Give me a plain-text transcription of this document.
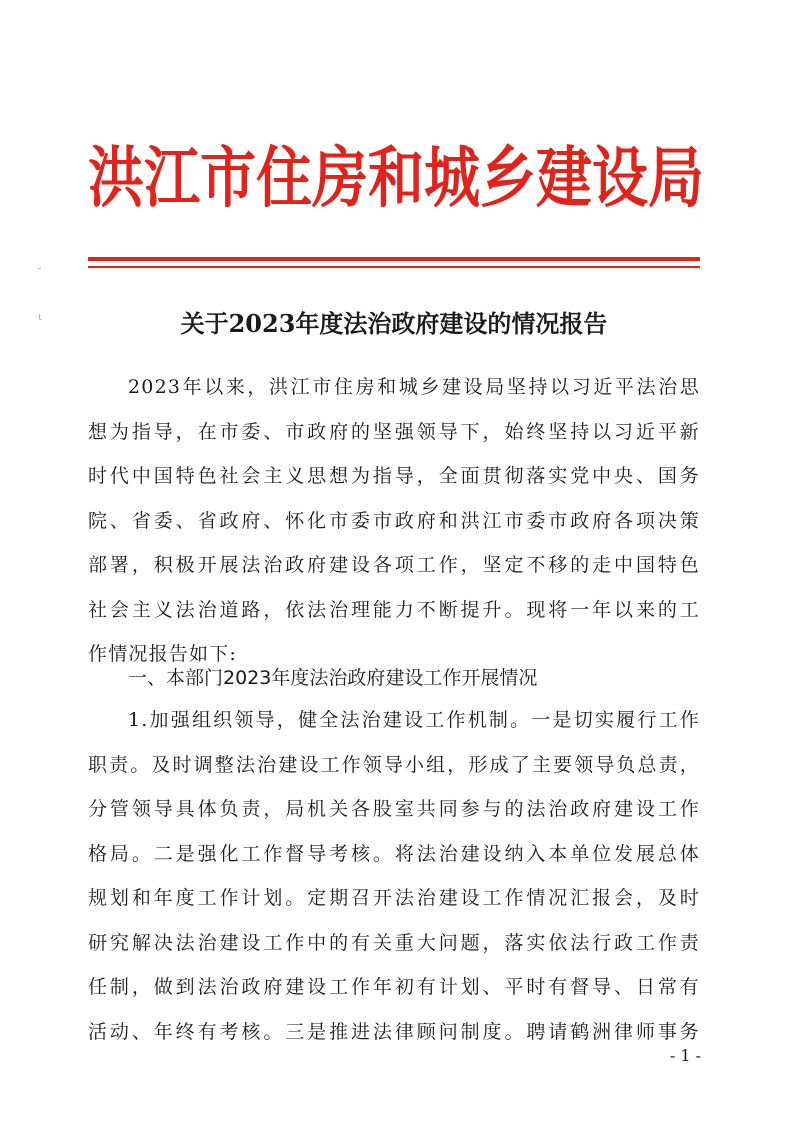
洪江市住房和城乡建设局
˘
ι	关于2023年度法治政府建设的情况报告
2023年以来，洪江市住房和城乡建设局坚持以习近平法治思
想为指导，在市委、市政府的坚强领导下，始终坚持以习近平新
时代中国特色社会主义思想为指导，全面贯彻落实党中央、国务
院、省委、省政府、怀化市委市政府和洪江市委市政府各项决策
部署，积极开展法治政府建设各项工作，坚定不移的走中国特色
社会主义法治道路，依法治理能力不断提升。现将一年以来的工
作情况报告如下:
一、本部门2023年度法治政府建设工作开展情况
1.加强组织领导，健全法治建设工作机制。一是切实履行工作
职责。及时调整法治建设工作领导小组，形成了主要领导负总责，
分管领导具体负责，局机关各股室共同参与的法治政府建设工作
格局。二是强化工作督导考核。将法治建设纳入本单位发展总体
规划和年度工作计划。定期召开法治建设工作情况汇报会，及时
研究解决法治建设工作中的有关重大问题，落实依法行政工作责
任制，做到法治政府建设工作年初有计划、平时有督导、日常有
活动、年终有考核。三是推进法律顾问制度。聘请鹤洲律师事务
- 1 -
